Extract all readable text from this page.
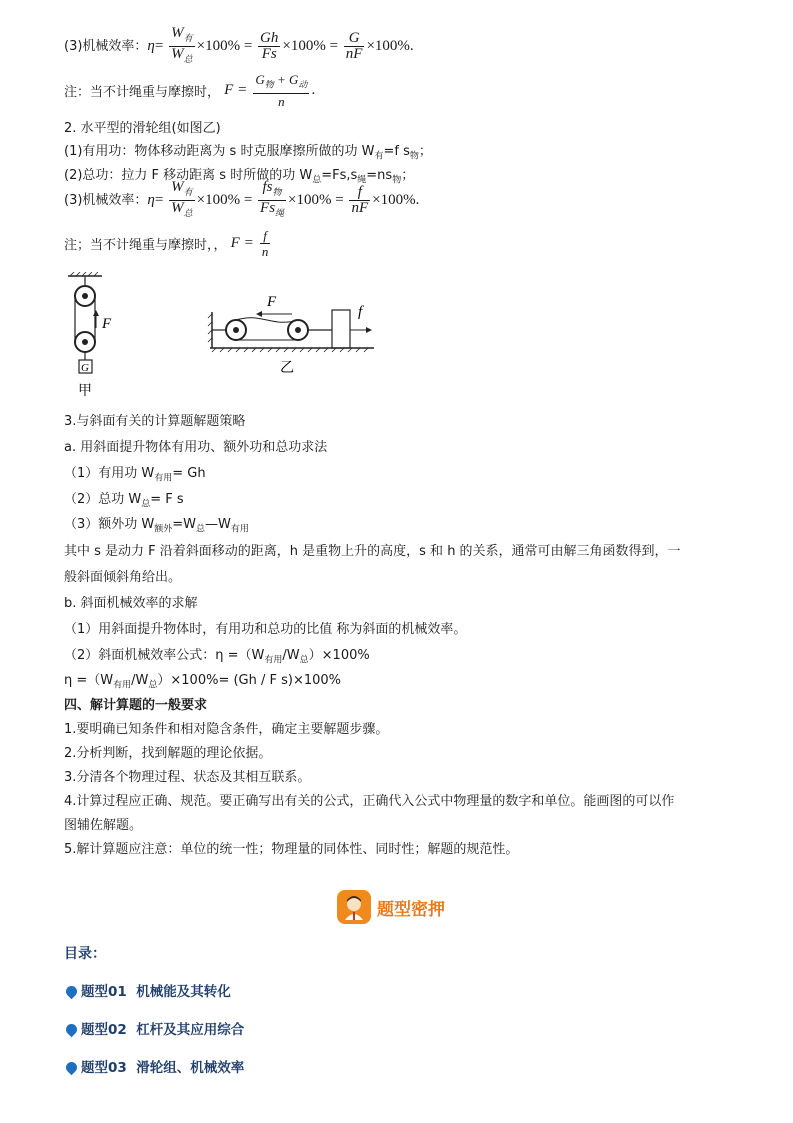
(3)机械效率：$\eta= \frac{W_有}{W_总} \times 100\% = \frac{Gh}{Fs} \times 100\% = \frac{G}{nF} \times 100\%$.
注：当不计绳重与摩擦时， $F = \frac{G_物 + G_动}{n}$ .
2. 水平型的滑轮组(如图乙)
(1)有用功：物体移动距离为 s 时克服摩擦所做的功 $W_有=f$ $s_物$；
(2)总功：拉力 F 移动距离 s 时所做的功 $W_总=Fs,s_绳=ns_物$；
(3)机械效率：$\eta= \frac{W_有}{W_总} \times 100\% = \frac{fs_物}{Fs_绳} \times 100\% = \frac{f}{nF} \times 100\%$.
注；当不计绳重与摩擦时，， $F = \frac{f}{n}$
F
G
甲
F
f
乙
3.与斜面有关的计算题解题策略
a. 用斜面提升物体有用功、额外功和总功求法
（1）有用功 $W_{有用}= Gh$
（2）总功 $W_总= F$ s
（3）额外功 $W_{额外}=W_总—W_{有用}$
其中 s 是动力 F 沿着斜面移动的距离，h 是重物上升的高度，s 和 h 的关系，通常可由解三角函数得到，一
般斜面倾斜角给出。
b. 斜面机械效率的求解
（1）用斜面提升物体时，有用功和总功的比值 称为斜面的机械效率。
（2）斜面机械效率公式：$\eta =(W_{有用}/W_总)\times 100\%$
$\eta =(W_{有用}/W_总)\times 100\%= (Gh / F$ s)×100%
四、解计算题的一般要求
1.要明确已知条件和相对隐含条件，确定主要解题步骤。
2.分析判断，找到解题的理论依据。
3.分清各个物理过程、状态及其相互联系。
4.计算过程应正确、规范。要正确写出有关的公式，正确代入公式中物理量的数字和单位。能画图的可以作
图辅佐解题。
5.解计算题应注意：单位的统一性；物理量的同体性、同时性；解题的规范性。
题型密押
目录：
题型01 机械能及其转化
题型02 杠杆及其应用综合
题型03 滑轮组、机械效率
